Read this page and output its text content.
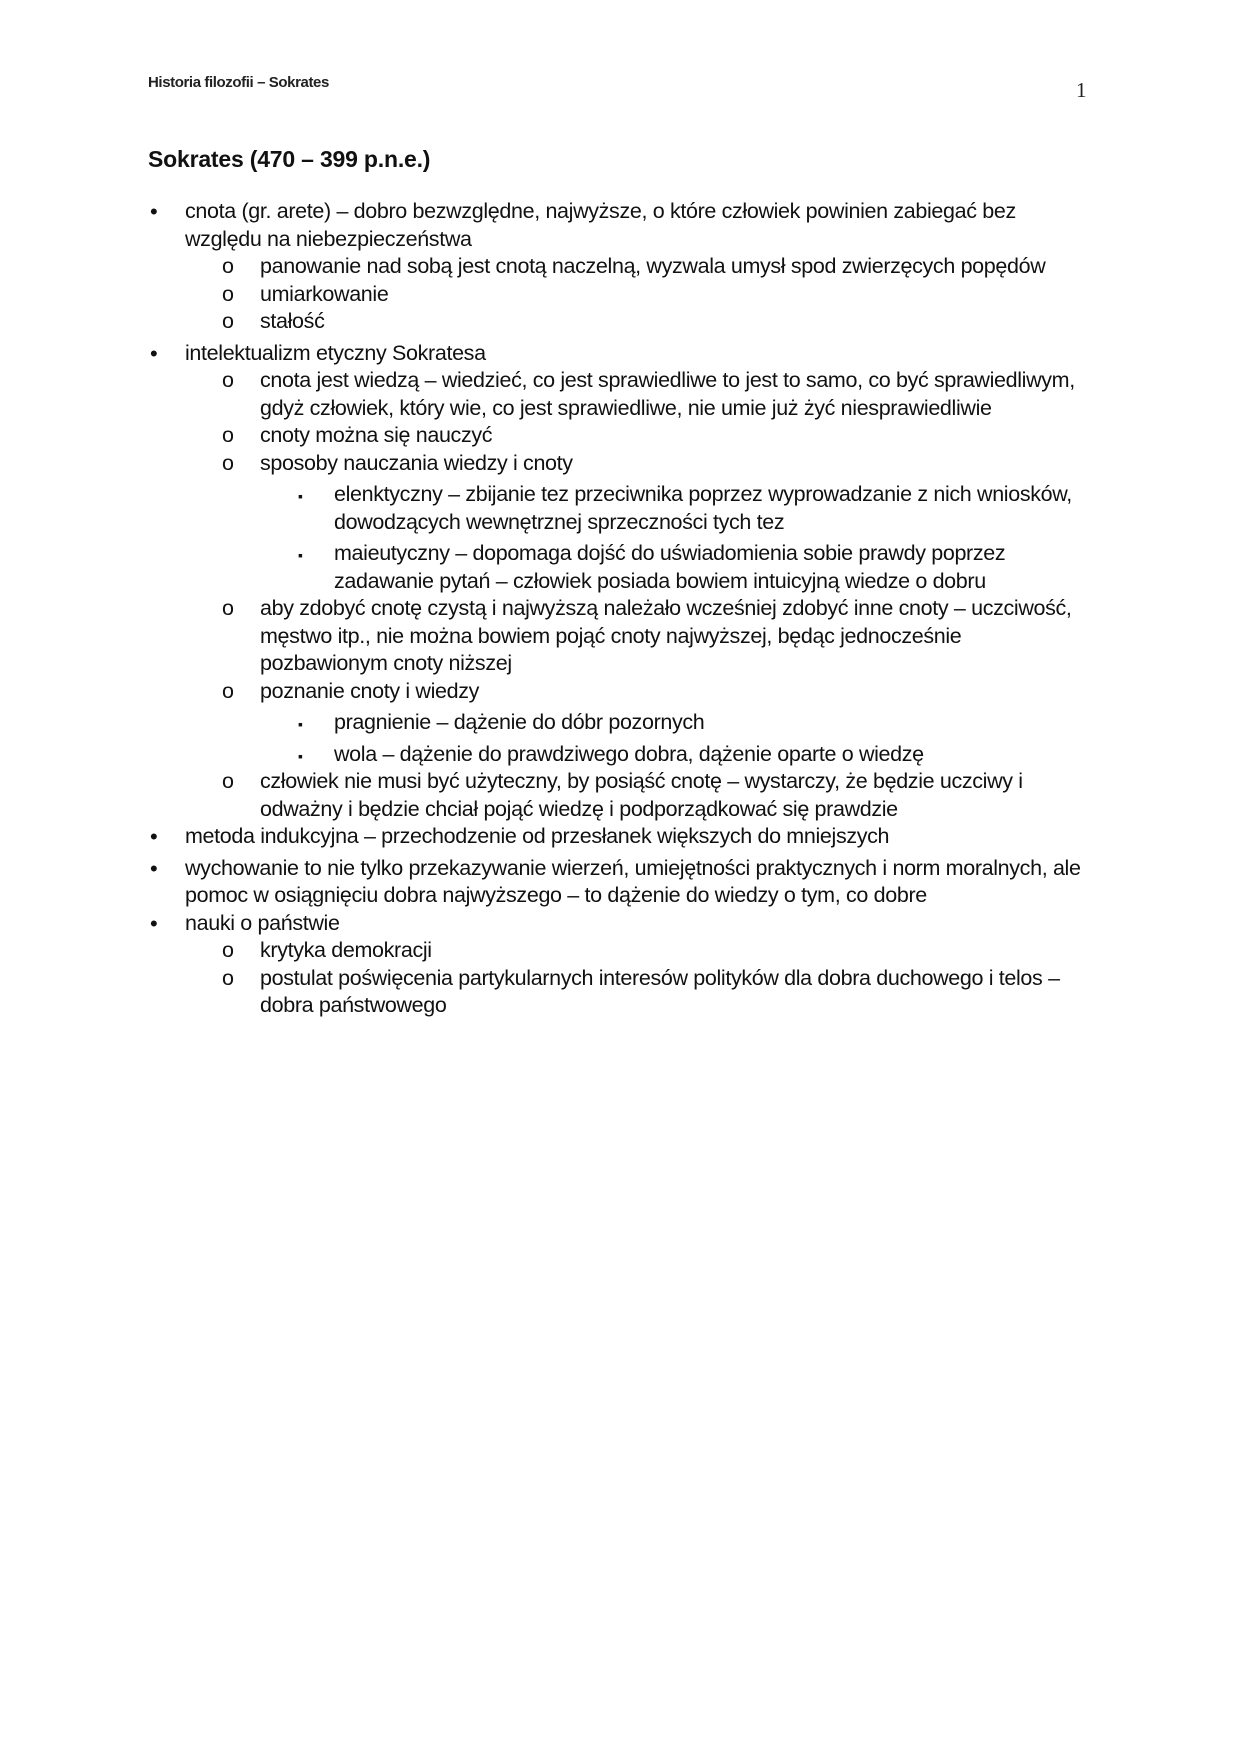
Historia filozofii – Sokrates	1
Sokrates (470 – 399 p.n.e.)
• cnota (gr. arete) – dobro bezwzględne, najwyższe, o które człowiek powinien zabiegać bez względu na niebezpieczeństwa
o panowanie nad sobą jest cnotą naczelną, wyzwala umysł spod zwierzęcych popędów
o umiarkowanie
o stałość
• intelektualizm etyczny Sokratesa
o cnota jest wiedzą – wiedzieć, co jest sprawiedliwe to jest to samo, co być sprawiedliwym, gdyż człowiek, który wie, co jest sprawiedliwe, nie umie już żyć niesprawiedliwie
o cnoty można się nauczyć
o sposoby nauczania wiedzy i cnoty
▪ elenktyczny – zbijanie tez przeciwnika poprzez wyprowadzanie z nich wniosków, dowodzących wewnętrznej sprzeczności tych tez
▪ maieutyczny – dopomaga dojść do uświadomienia sobie prawdy poprzez zadawanie pytań – człowiek posiada bowiem intuicyjną wiedze o dobru
o aby zdobyć cnotę czystą i najwyższą należało wcześniej zdobyć inne cnoty – uczciwość, męstwo itp., nie można bowiem pojąć cnoty najwyższej, będąc jednocześnie pozbawionym cnoty niższej
o poznanie cnoty i wiedzy
▪ pragnienie – dążenie do dóbr pozornych
▪ wola – dążenie do prawdziwego dobra, dążenie oparte o wiedzę
o człowiek nie musi być użyteczny, by posiąść cnotę – wystarczy, że będzie uczciwy i odważny i będzie chciał pojąć wiedzę i podporządkować się prawdzie
• metoda indukcyjna – przechodzenie od przesłanek większych do mniejszych
• wychowanie to nie tylko przekazywanie wierzeń, umiejętności praktycznych i norm moralnych, ale pomoc w osiągnięciu dobra najwyższego – to dążenie do wiedzy o tym, co dobre
• nauki o państwie
o krytyka demokracji
o postulat poświęcenia partykularnych interesów polityków dla dobra duchowego i telos – dobra państwowego
